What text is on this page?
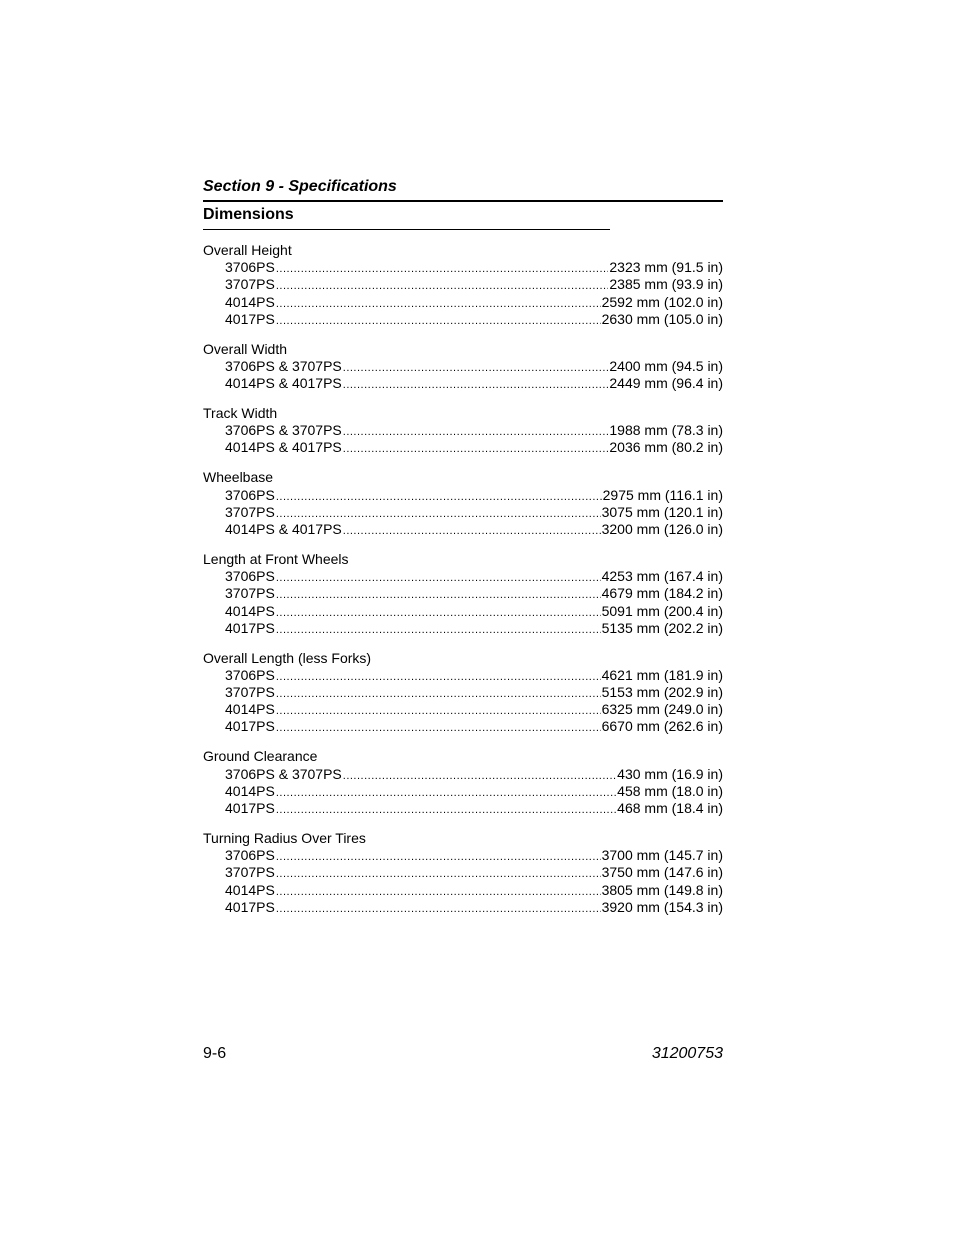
Section 9 - Specifications
Dimensions
Overall Height
3706PS .....	2323 mm (91.5 in)
3707PS .....	2385 mm (93.9 in)
4014PS .....	2592 mm (102.0 in)
4017PS .....	2630 mm (105.0 in)
Overall Width
3706PS & 3707PS .....	2400 mm (94.5 in)
4014PS & 4017PS .....	2449 mm (96.4 in)
Track Width
3706PS & 3707PS .....	1988 mm (78.3 in)
4014PS & 4017PS .....	2036 mm (80.2 in)
Wheelbase
3706PS .....	2975 mm (116.1 in)
3707PS .....	3075 mm (120.1 in)
4014PS & 4017PS .....	3200 mm (126.0 in)
Length at Front Wheels
3706PS .....	4253 mm (167.4 in)
3707PS .....	4679 mm (184.2 in)
4014PS .....	5091 mm (200.4 in)
4017PS .....	5135 mm (202.2 in)
Overall Length (less Forks)
3706PS .....	4621 mm (181.9 in)
3707PS .....	5153 mm (202.9 in)
4014PS .....	6325 mm (249.0 in)
4017PS .....	6670 mm (262.6 in)
Ground Clearance
3706PS & 3707PS .....	430 mm (16.9 in)
4014PS .....	458 mm (18.0 in)
4017PS .....	468 mm (18.4 in)
Turning Radius Over Tires
3706PS .....	3700 mm (145.7 in)
3707PS .....	3750 mm (147.6 in)
4014PS .....	3805 mm (149.8 in)
4017PS .....	3920 mm (154.3 in)
9-6	31200753
